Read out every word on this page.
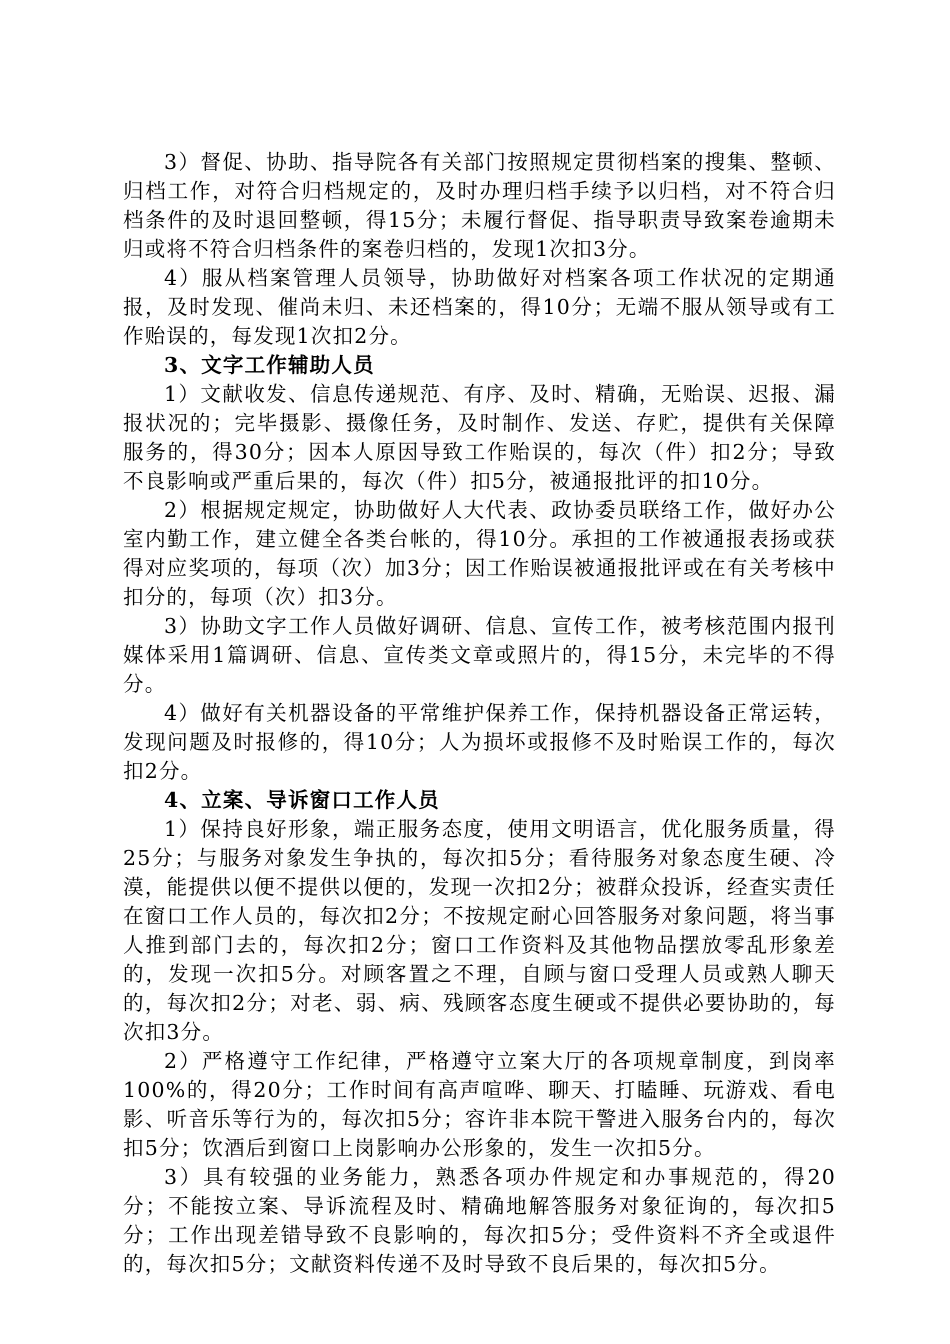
3）督促、协助、指导院各有关部门按照规定贯彻档案的搜集、整顿、归档工作，对符合归档规定的，及时办理归档手续予以归档，对不符合归档条件的及时退回整顿，得15分；未履行督促、指导职责导致案卷逾期未归或将不符合归档条件的案卷归档的，发现1次扣3分。

4）服从档案管理人员领导，协助做好对档案各项工作状况的定期通报，及时发现、催尚未归、未还档案的，得10分；无端不服从领导或有工作贻误的，每发现1次扣2分。

3、文字工作辅助人员

1）文献收发、信息传递规范、有序、及时、精确，无贻误、迟报、漏报状况的；完毕摄影、摄像任务，及时制作、发送、存贮，提供有关保障服务的，得30分；因本人原因导致工作贻误的，每次（件）扣2分；导致不良影响或严重后果的，每次（件）扣5分，被通报批评的扣10分。

2）根据规定规定，协助做好人大代表、政协委员联络工作，做好办公室内勤工作，建立健全各类台帐的，得10分。承担的工作被通报表扬或获得对应奖项的，每项（次）加3分；因工作贻误被通报批评或在有关考核中扣分的，每项（次）扣3分。

3）协助文字工作人员做好调研、信息、宣传工作，被考核范围内报刊媒体采用1篇调研、信息、宣传类文章或照片的，得15分，未完毕的不得分。

4）做好有关机器设备的平常维护保养工作，保持机器设备正常运转，发现问题及时报修的，得10分；人为损坏或报修不及时贻误工作的，每次扣2分。

4、立案、导诉窗口工作人员

1）保持良好形象，端正服务态度，使用文明语言，优化服务质量，得25分；与服务对象发生争执的，每次扣5分；看待服务对象态度生硬、冷漠，能提供以便不提供以便的，发现一次扣2分；被群众投诉，经查实责任在窗口工作人员的，每次扣2分；不按规定耐心回答服务对象问题，将当事人推到部门去的，每次扣2分；窗口工作资料及其他物品摆放零乱形象差的，发现一次扣5分。对顾客置之不理，自顾与窗口受理人员或熟人聊天的，每次扣2分；对老、弱、病、残顾客态度生硬或不提供必要协助的，每次扣3分。

2）严格遵守工作纪律，严格遵守立案大厅的各项规章制度，到岗率100%的，得20分；工作时间有高声喧哗、聊天、打瞌睡、玩游戏、看电影、听音乐等行为的，每次扣5分；容许非本院干警进入服务台内的，每次扣5分；饮酒后到窗口上岗影响办公形象的，发生一次扣5分。

3）具有较强的业务能力，熟悉各项办件规定和办事规范的，得20分；不能按立案、导诉流程及时、精确地解答服务对象征询的，每次扣5分；工作出现差错导致不良影响的，每次扣5分；受件资料不齐全或退件的，每次扣5分；文献资料传递不及时导致不良后果的，每次扣5分。
